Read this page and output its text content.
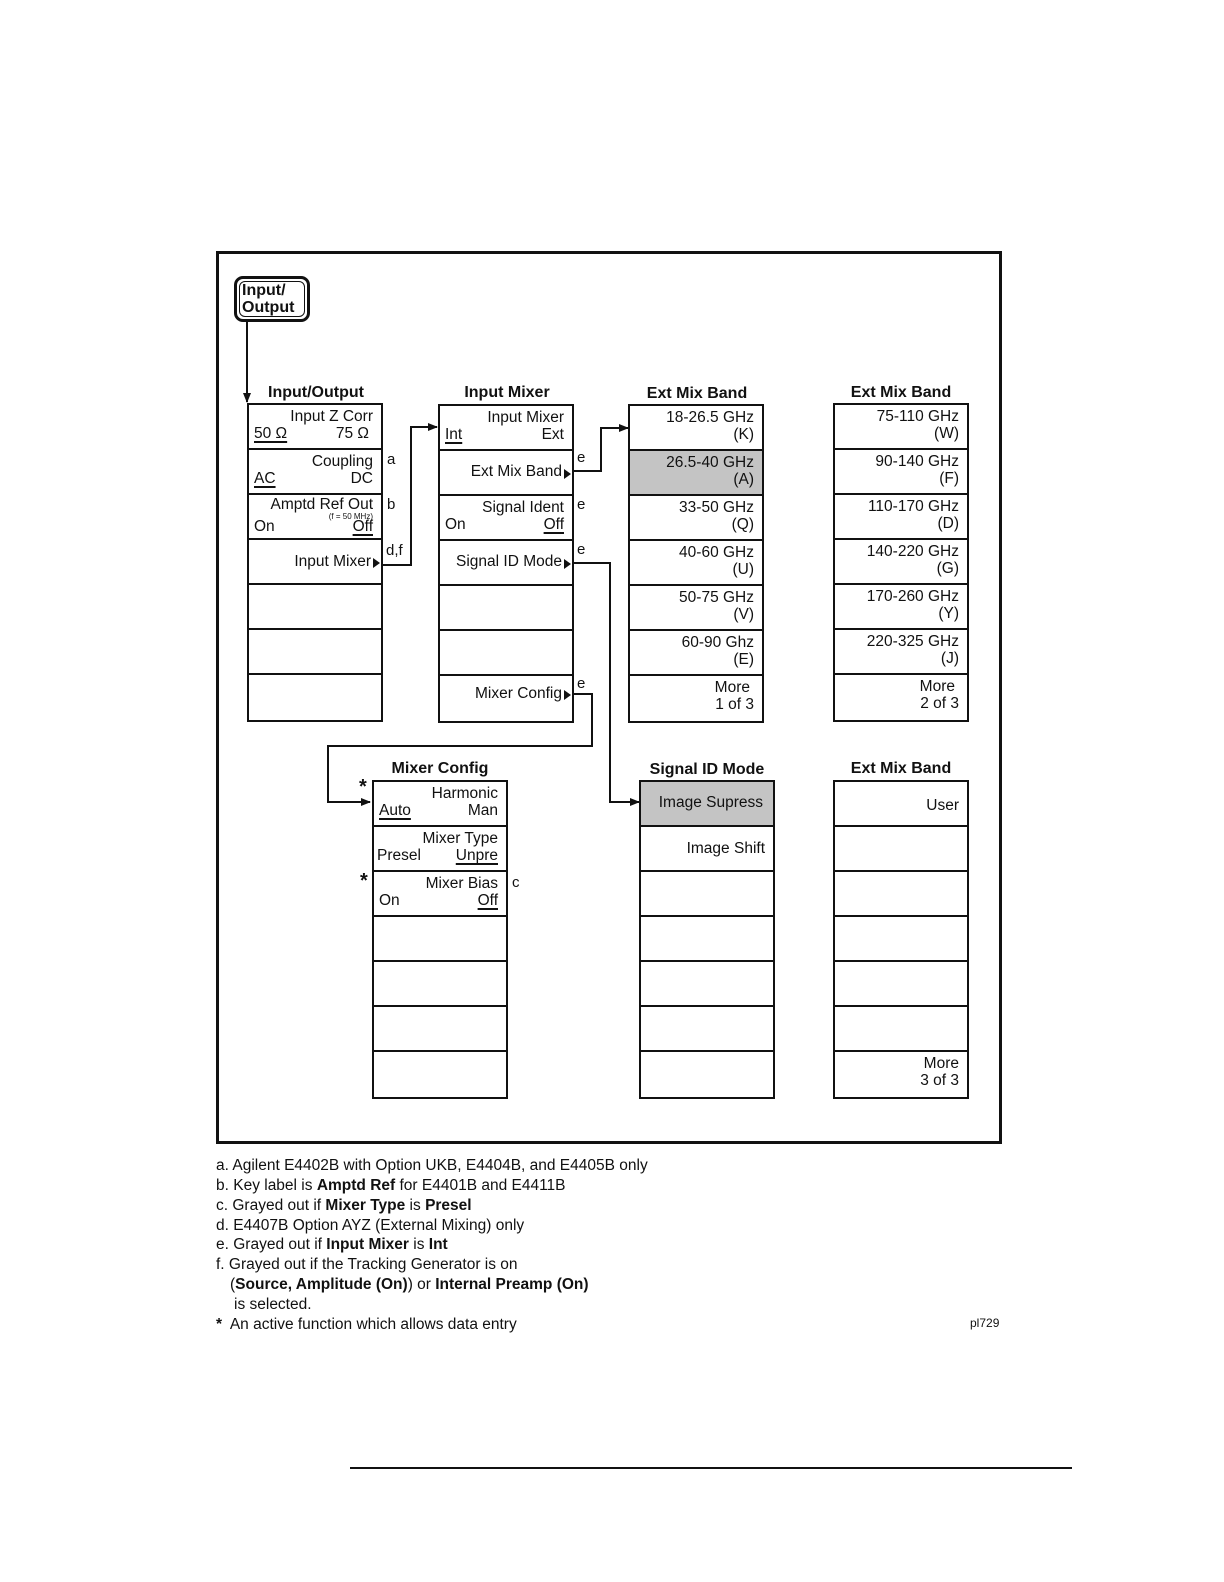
Input/
Output
Input/Output
Input Z Corr
50 Ω	75 Ω
Coupling
AC	DC
Amptd Ref Out
(f = 50 MHz)
On	Off
Input Mixer
Input Mixer
Input Mixer
Int	Ext
Ext Mix Band
Signal Ident
On	Off
Signal ID Mode
Mixer Config
Ext Mix Band
18-26.5 GHz
(K)
26.5-40 GHz
(A)
33-50 GHz
(Q)
40-60 GHz
(U)
50-75 GHz
(V)
60-90 Ghz
(E)
More
1 of 3
Ext Mix Band
75-110 GHz
(W)
90-140 GHz
(F)
110-170 GHz
(D)
140-220 GHz
(G)
170-260 GHz
(Y)
220-325 GHz
(J)
More
2 of 3
Mixer Config
Harmonic
Auto	Man
Mixer Type
Presel Unpre
Mixer Bias
On	Off
Signal ID Mode
Image Supress
Image Shift
Ext Mix Band
User
More
3 of 3
a
b
d,f
e
e
e
e
c
*
*
a. Agilent E4402B with Option UKB, E4404B, and E4405B only
b. Key label is Amptd Ref for E4401B and E4411B
c. Grayed out if Mixer Type is Presel
d. E4407B Option AYZ (External Mixing) only
e. Grayed out if Input Mixer is Int
f. Grayed out if the Tracking Generator is on
(Source, Amplitude (On)) or Internal Preamp (On)
is selected.
* An active function which allows data entry	pl729
